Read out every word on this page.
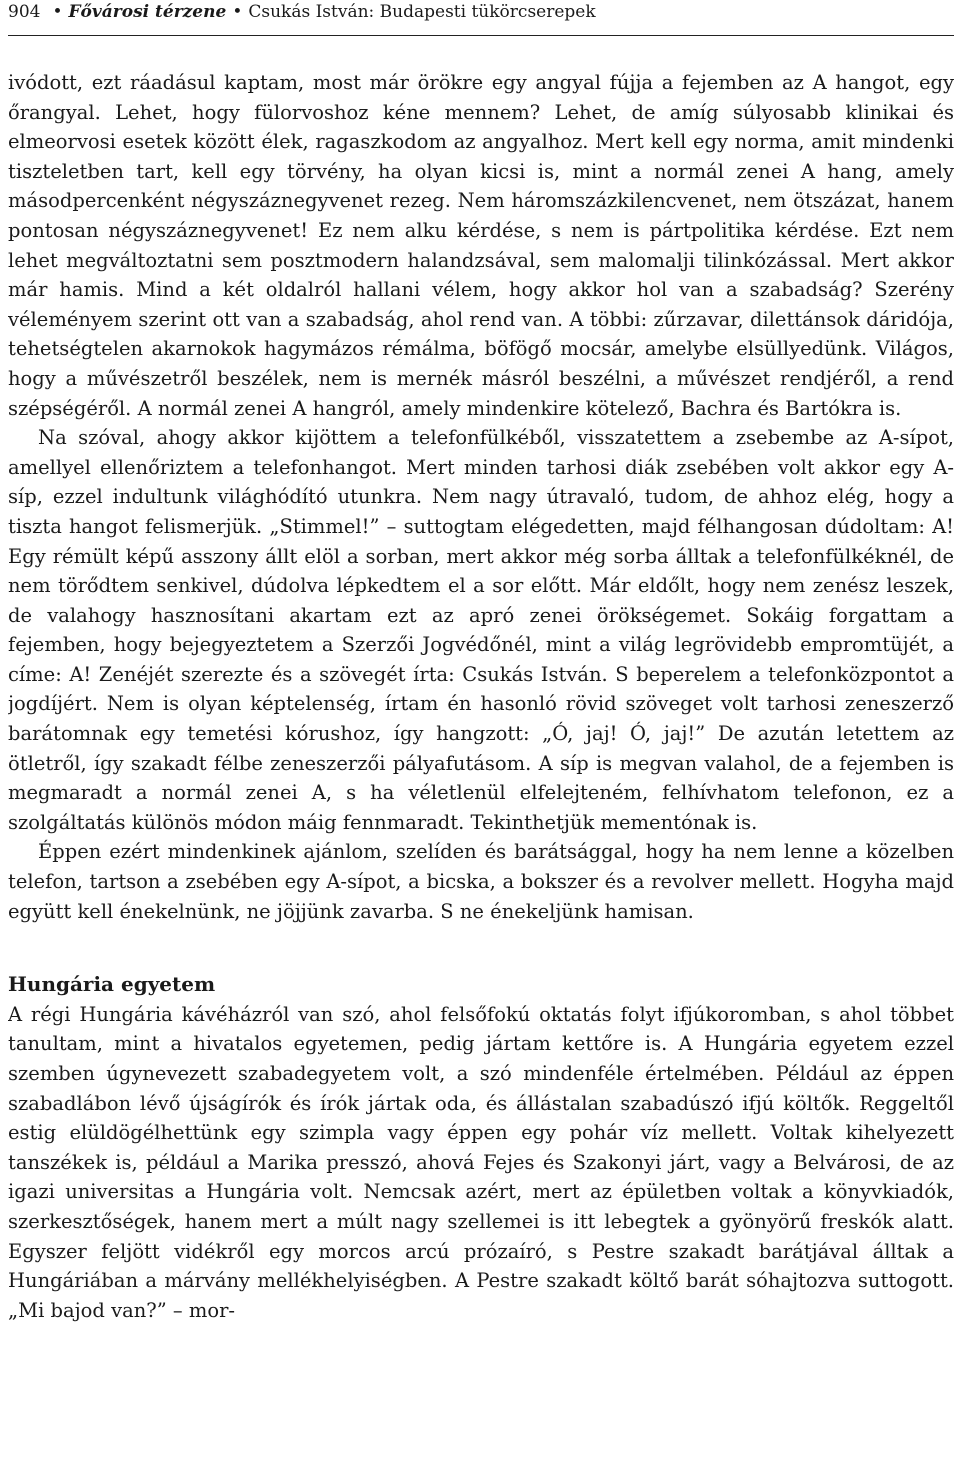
904 • Fővárosi térzene • Csukás István: Budapesti tükörcserepek

ivódott, ezt ráadásul kaptam, most már örökre egy angyal fújja a fejemben az A hangot, egy őrangyal. Lehet, hogy fülorvoshoz kéne mennem? Lehet, de amíg súlyosabb klinikai és elmeorvosi esetek között élek, ragaszkodom az angyalhoz. Mert kell egy norma, amit mindenki tiszteletben tart, kell egy törvény, ha olyan kicsi is, mint a normál zenei A hang, amely másodpercenként négyszáznegyvenet rezeg. Nem háromszázkilencvenet, nem ötszázat, hanem pontosan négyszáznegyvenet! Ez nem alku kérdése, s nem is pártpolitika kérdése. Ezt nem lehet megváltoztatni sem posztmodern halandzsával, sem malomalji tilinkózással. Mert akkor már hamis. Mind a két oldalról hallani vélem, hogy akkor hol van a szabadság? Szerény véleményem szerint ott van a szabadság, ahol rend van. A többi: zűrzavar, dilettánsok dáridója, tehetségtelen akarnokok hagymázos rémálma, böfögő mocsár, amelybe elsüllyedünk. Világos, hogy a művészetről beszélek, nem is mernék másról beszélni, a művészet rendjéről, a rend szépségéről. A normál zenei A hangról, amely mindenkire kötelező, Bachra és Bartókra is.

Na szóval, ahogy akkor kijöttem a telefonfülkéből, visszatettem a zsebembe az A-sípot, amellyel ellenőriztem a telefonhangot. Mert minden tarhosi diák zsebében volt akkor egy A-síp, ezzel indultunk világhódító utunkra. Nem nagy útravaló, tudom, de ahhoz elég, hogy a tiszta hangot felismerjük. „Stimmel!” – suttogtam elégedetten, majd félhangosan dúdoltam: A! Egy rémült képű asszony állt elöl a sorban, mert akkor még sorba álltak a telefonfülkéknél, de nem törődtem senkivel, dúdolva lépkedtem el a sor előtt. Már eldőlt, hogy nem zenész leszek, de valahogy hasznosítani akartam ezt az apró zenei örökségemet. Sokáig forgattam a fejemben, hogy bejegyeztetem a Szerzői Jogvédőnél, mint a világ legrövidebb empromtüjét, a címe: A! Zenéjét szerezte és a szövegét írta: Csukás István. S beperelem a telefonközpontot a jogdíjért. Nem is olyan képtelenség, írtam én hasonló rövid szöveget volt tarhosi zeneszerző barátomnak egy temetési kórushoz, így hangzott: „Ó, jaj! Ó, jaj!” De azután letettem az ötletről, így szakadt félbe zeneszerzői pályafutásom. A síp is megvan valahol, de a fejemben is megmaradt a normál zenei A, s ha véletlenül elfelejteném, felhívhatom telefonon, ez a szolgáltatás különös módon máig fennmaradt. Tekinthetjük mementónak is.

Éppen ezért mindenkinek ajánlom, szelíden és barátsággal, hogy ha nem lenne a közelben telefon, tartson a zsebében egy A-sípot, a bicska, a bokszer és a revolver mellett. Hogyha majd együtt kell énekelnünk, ne jöjjünk zavarba. S ne énekeljünk hamisan.

Hungária egyetem

A régi Hungária kávéházról van szó, ahol felsőfokú oktatás folyt ifjúkoromban, s ahol többet tanultam, mint a hivatalos egyetemen, pedig jártam kettőre is. A Hungária egyetem ezzel szemben úgynevezett szabadegyetem volt, a szó mindenféle értelmében. Például az éppen szabadlábon lévő újságírók és írók jártak oda, és állástalan szabadúszó ifjú költők. Reggeltől estig elüldögélhettünk egy szimpla vagy éppen egy pohár víz mellett. Voltak kihelyezett tanszékek is, például a Marika presszó, ahová Fejes és Szakonyi járt, vagy a Belvárosi, de az igazi universitas a Hungária volt. Nemcsak azért, mert az épületben voltak a könyvkiadók, szerkesztőségek, hanem mert a múlt nagy szellemei is itt lebegtek a gyönyörű freskók alatt. Egyszer feljött vidékről egy morcos arcú prózaíró, s Pestre szakadt barátjával álltak a Hungáriában a márvány mellékhelyiségben. A Pestre szakadt költő barát sóhajtozva suttogott. „Mi bajod van?” – mor-
